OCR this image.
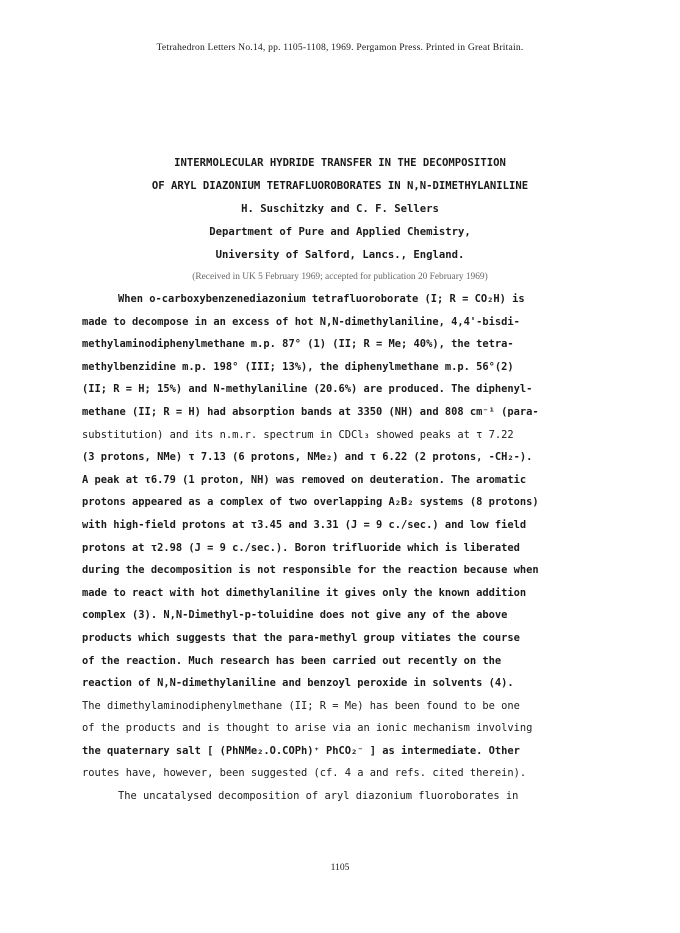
Tetrahedron Letters No.14, pp. 1105-1108, 1969. Pergamon Press. Printed in Great Britain.
INTERMOLECULAR HYDRIDE TRANSFER IN THE DECOMPOSITION
OF ARYL DIAZONIUM TETRAFLUOROBORATES IN N,N-DIMETHYLANILINE
H. Suschitzky and C. F. Sellers
Department of Pure and Applied Chemistry,
University of Salford, Lancs., England.
(Received in UK 5 February 1969; accepted for publication 20 February 1969)
When o-carboxybenzenediazonium tetrafluoroborate (I; R = CO₂H) is
made to decompose in an excess of hot N,N-dimethylaniline, 4,4'-bisdi-
methylaminodiphenylmethane m.p. 87° (1) (II; R = Me; 40%), the tetra-
methylbenzidine m.p. 198° (III; 13%), the diphenylmethane m.p. 56°(2)
(II; R = H; 15%) and N-methylaniline (20.6%) are produced. The diphenyl-
methane (II; R = H) had absorption bands at 3350 (NH) and 808 cm⁻¹ (para-
substitution) and its n.m.r. spectrum in CDCl₃ showed peaks at τ 7.22
(3 protons, NMe) τ 7.13 (6 protons, NMe₂) and τ 6.22 (2 protons, -CH₂-).
A peak at τ6.79 (1 proton, NH) was removed on deuteration. The aromatic
protons appeared as a complex of two overlapping A₂B₂ systems (8 protons)
with high-field protons at τ3.45 and 3.31 (J = 9 c./sec.) and low field
protons at τ2.98 (J = 9 c./sec.). Boron trifluoride which is liberated
during the decomposition is not responsible for the reaction because when
made to react with hot dimethylaniline it gives only the known addition
complex (3). N,N-Dimethyl-p-toluidine does not give any of the above
products which suggests that the para-methyl group vitiates the course
of the reaction. Much research has been carried out recently on the
reaction of N,N-dimethylaniline and benzoyl peroxide in solvents (4).
The dimethylaminodiphenylmethane (II; R = Me) has been found to be one
of the products and is thought to arise via an ionic mechanism involving
the quaternary salt [ (PhNMe₂.O.COPh)⁺ PhCO₂⁻ ] as intermediate. Other
routes have, however, been suggested (cf. 4 a and refs. cited therein).
The uncatalysed decomposition of aryl diazonium fluoroborates in
1105
